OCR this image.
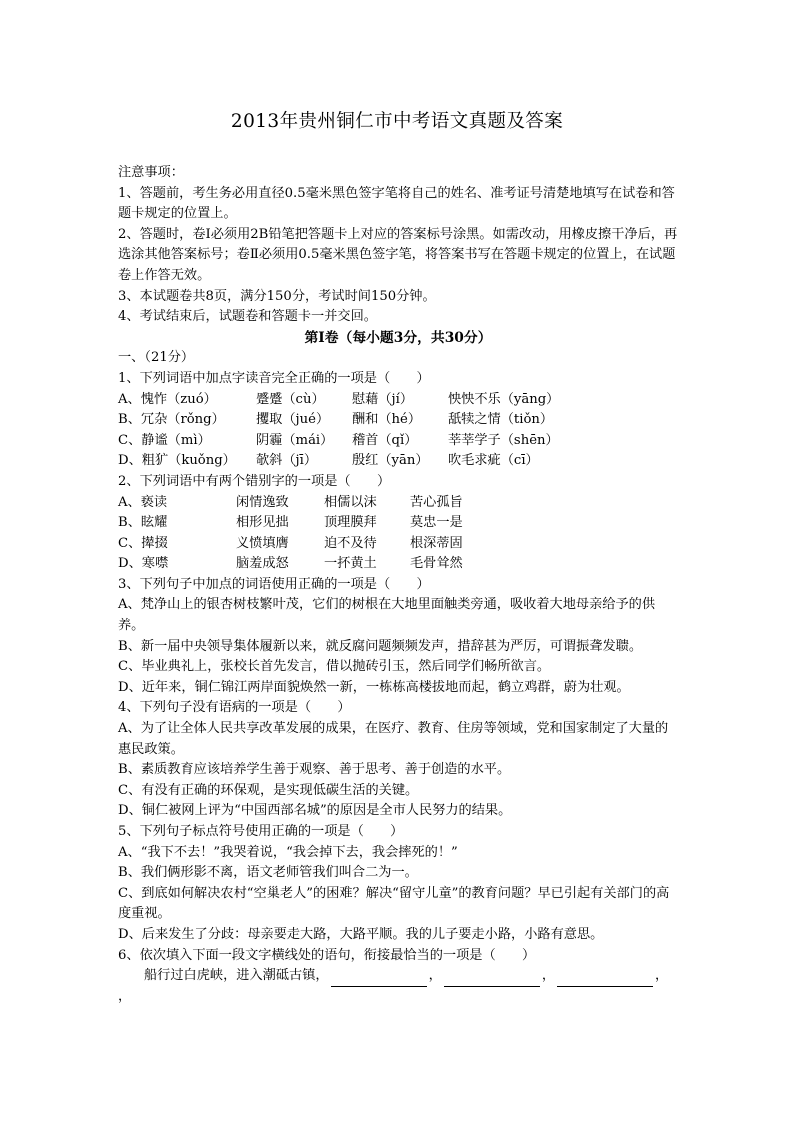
2013年贵州铜仁市中考语文真题及答案
注意事项：
1、答题前，考生务必用直径0.5毫米黑色签字笔将自己的姓名、准考证号清楚地填写在试卷和答题卡规定的位置上。
2、答题时，卷Ⅰ必须用2B铅笔把答题卡上对应的答案标号涂黑。如需改动，用橡皮擦干净后，再选涂其他答案标号；卷Ⅱ必须用0.5毫米黑色签字笔，将答案书写在答题卡规定的位置上，在试题卷上作答无效。
3、本试题卷共8页，满分150分，考试时间150分钟。
4、考试结束后，试题卷和答题卡一并交回。
第Ⅰ卷（每小题3分，共30分）
一、（21分）
1、下列词语中加点字读音完全正确的一项是（　　）
A、愧怍（zuó）	蹙蹙（cù）	慰藉（jí）	怏怏不乐（yāng）
B、冗杂（rǒng）	攫取（jué）	酬和（hé）	舐犊之情（tiǒn）
C、静谧（mì）	阴霾（mái）	稽首（qǐ）	莘莘学子（shēn）
D、粗犷（kuǒng）	欹斜（jī）	殷红（yān）	吹毛求疵（cī）
2、下列词语中有两个错别字的一项是（　　）
A、亵读	闲情逸致	相儒以沫	苦心孤旨
B、眩耀	相形见拙	顶理膜拜	莫忠一是
C、撵掇	义愤填膺	迫不及待	根深蒂固
D、寒噤	脑羞成怒	一抔黄土	毛骨耸然
3、下列句子中加点的词语使用正确的一项是（　　）
A、梵净山上的银杏树枝繁叶茂，它们的树根在大地里面触类旁通，吸收着大地母亲给予的供养。
B、新一届中央领导集体履新以来，就反腐问题频频发声，措辞甚为严厉，可谓振聋发聩。
C、毕业典礼上，张校长首先发言，借以抛砖引玉，然后同学们畅所欲言。
D、近年来，铜仁锦江两岸面貌焕然一新，一栋栋高楼拔地而起，鹤立鸡群，蔚为壮观。
4、下列句子没有语病的一项是（　　）
A、为了让全体人民共享改革发展的成果，在医疗、教育、住房等领域，党和国家制定了大量的惠民政策。
B、素质教育应该培养学生善于观察、善于思考、善于创造的水平。
C、有没有正确的环保观，是实现低碳生活的关键。
D、铜仁被网上评为“中国西部名城”的原因是全市人民努力的结果。
5、下列句子标点符号使用正确的一项是（　　）
A、“我下不去！”我哭着说，“我会掉下去，我会摔死的！”
B、我们俩形影不离，语文老师管我们叫合二为一。
C、到底如何解决农村“空巢老人”的困难？解决“留守儿童”的教育问题？早已引起有关部门的高度重视。
D、后来发生了分歧：母亲要走大路，大路平顺。我的儿子要走小路，小路有意思。
6、依次填入下面一段文字横线处的语句，衔接最恰当的一项是（　　）
船行过白虎峡，进入潮砥古镇，	，	，	，
，
